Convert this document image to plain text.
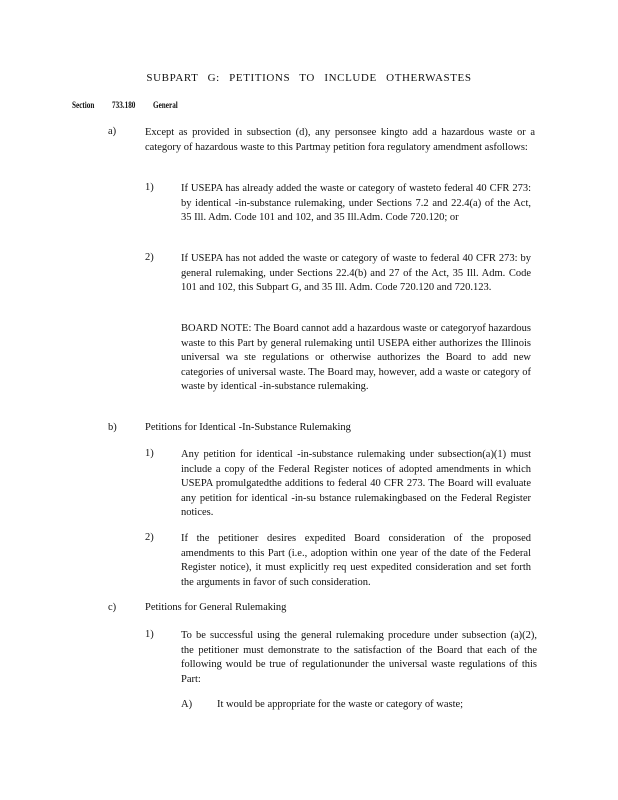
SUBPART G: PETITIONS TO INCLUDE OTHERWASTES
Section 733.180 General
a)	Except as provided in subsection (d), any personsee kingto add a hazardous waste or a category of hazardous waste to this Partmay petition fora regulatory amendment asfollows:
1)	If USEPA has already added the waste or category of wasteto federal 40 CFR 273: by identical -in-substance rulemaking, under Sections 7.2 and 22.4(a) of the Act, 35 Ill. Adm. Code 101 and 102, and 35 Ill.Adm. Code 720.120; or
2)	If USEPA has not added the waste or category of waste to federal 40 CFR 273: by general rulemaking, under Sections 22.4(b) and 27 of the Act, 35 Ill. Adm. Code 101 and 102, this Subpart G, and 35 Ill. Adm. Code 720.120 and 720.123.
BOARD NOTE: The Board cannot add a hazardous waste or categoryof hazardous waste to this Part by general rulemaking until USEPA either authorizes the Illinois universal wa ste regulations or otherwise authorizes the Board to add new categories of universal waste. The Board may, however, add a waste or category of waste by identical -in-substance rulemaking.
b)	Petitions for Identical -In-Substance Rulemaking
1)	Any petition for identical -in-substance rulemaking under subsection(a)(1) must include a copy of the Federal Register notices of adopted amendments in which USEPA promulgatedthe additions to federal 40 CFR 273. The Board will evaluate any petition for identical -in-su bstance rulemakingbased on the Federal Register notices.
2)	If the petitioner desires expedited Board consideration of the proposed amendments to this Part (i.e., adoption within one year of the date of the Federal Register notice), it must explicitly req uest expedited consideration and set forth the arguments in favor of such consideration.
c)	Petitions for General Rulemaking
1)	To be successful using the general rulemaking procedure under subsection (a)(2), the petitioner must demonstrate to the satisfaction of the Board that each of the following would be true of regulationunder the universal waste regulations of this Part:
A) It would be appropriate for the waste or category of waste;
